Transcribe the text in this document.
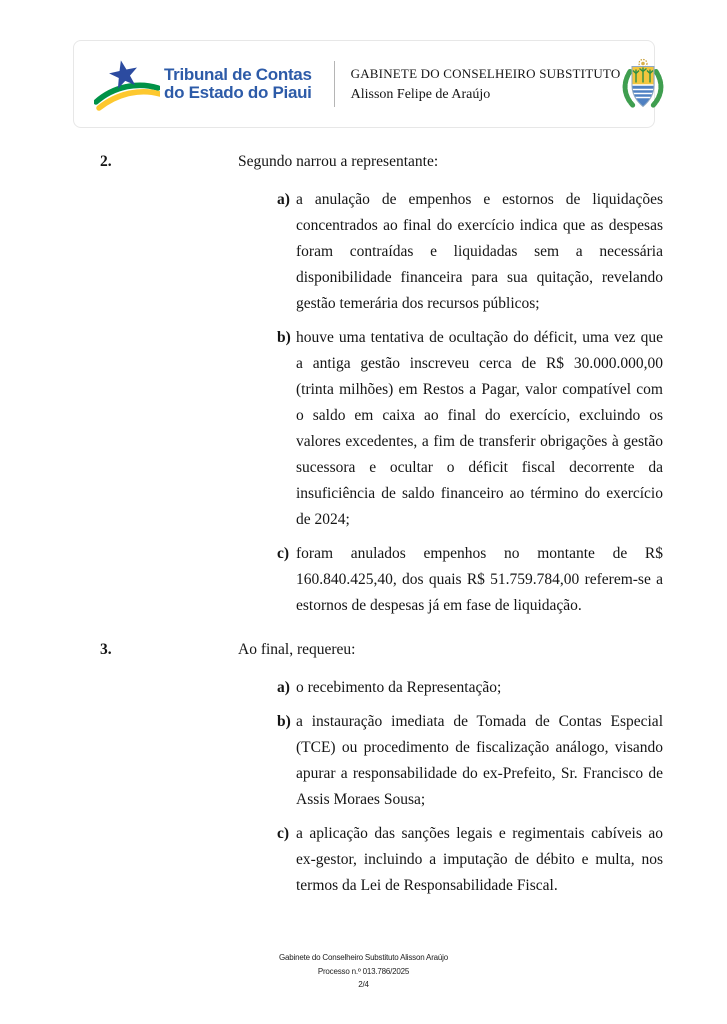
Tribunal de Contas
do Estado do Piaui
GABINETE DO CONSELHEIRO SUBSTITUTO
Alisson Felipe de Araújo
2.	Segundo narrou a representante:
a) a anulação de empenhos e estornos de liquidações concentrados ao final do exercício indica que as despesas foram contraídas e liquidadas sem a necessária disponibilidade financeira para sua quitação, revelando gestão temerária dos recursos públicos;
b) houve uma tentativa de ocultação do déficit, uma vez que a antiga gestão inscreveu cerca de R$ 30.000.000,00 (trinta milhões) em Restos a Pagar, valor compatível com o saldo em caixa ao final do exercício, excluindo os valores excedentes, a fim de transferir obrigações à gestão sucessora e ocultar o déficit fiscal decorrente da insuficiência de saldo financeiro ao término do exercício de 2024;
c) foram anulados empenhos no montante de R$ 160.840.425,40, dos quais R$ 51.759.784,00 referem-se a estornos de despesas já em fase de liquidação.
3.	Ao final, requereu:
a) o recebimento da Representação;
b) a instauração imediata de Tomada de Contas Especial (TCE) ou procedimento de fiscalização análogo, visando apurar a responsabilidade do ex-Prefeito, Sr. Francisco de Assis Moraes Sousa;
c) a aplicação das sanções legais e regimentais cabíveis ao ex-gestor, incluindo a imputação de débito e multa, nos termos da Lei de Responsabilidade Fiscal.
Gabinete do Conselheiro Substituto Alisson Araújo
Processo n.º 013.786/2025
2/4
